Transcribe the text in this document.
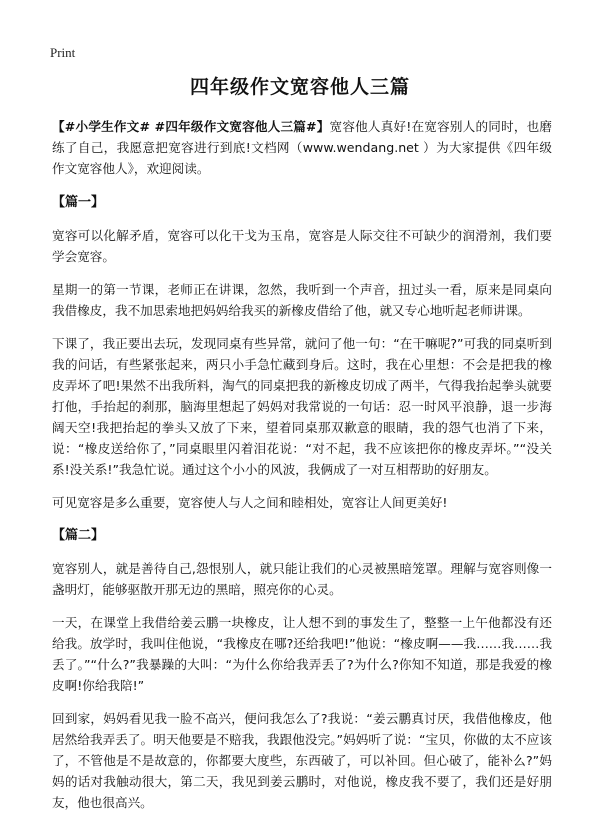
Print
四年级作文宽容他人三篇

【#小学生作文# #四年级作文宽容他人三篇#】宽容他人真好!在宽容别人的同时，也磨练了自己，我愿意把宽容进行到底!文档网（www.wendang.net ）为大家提供《四年级作文宽容他人》，欢迎阅读。

【篇一】

宽容可以化解矛盾，宽容可以化干戈为玉帛，宽容是人际交往不可缺少的润滑剂，我们要学会宽容。

星期一的第一节课，老师正在讲课，忽然，我听到一个声音，扭过头一看，原来是同桌向我借橡皮，我不加思索地把妈妈给我买的新橡皮借给了他，就又专心地听起老师讲课。

下课了，我正要出去玩，发现同桌有些异常，就问了他一句：“在干嘛呢?”可我的同桌听到我的问话，有些紧张起来，两只小手急忙藏到身后。这时，我在心里想：不会是把我的橡皮弄坏了吧!果然不出我所料，淘气的同桌把我的新橡皮切成了两半，气得我抬起拳头就要打他，手抬起的刹那，脑海里想起了妈妈对我常说的一句话：忍一时风平浪静，退一步海阔天空!我把抬起的拳头又放了下来，望着同桌那双歉意的眼睛，我的怨气也消了下来，说：“橡皮送给你了，”同桌眼里闪着泪花说：“对不起，我不应该把你的橡皮弄坏。”“没关系!没关系!”我急忙说。通过这个小小的风波，我俩成了一对互相帮助的好朋友。

可见宽容是多么重要，宽容使人与人之间和睦相处，宽容让人间更美好!

【篇二】

宽容别人，就是善待自己,怨恨别人，就只能让我们的心灵被黑暗笼罩。理解与宽容则像一盏明灯，能够驱散开那无边的黑暗，照亮你的心灵。

一天，在课堂上我借给姜云鹏一块橡皮，让人想不到的事发生了，整整一上午他都没有还给我。放学时，我叫住他说，“我橡皮在哪?还给我吧!”他说：“橡皮啊——我……我……我丢了。”“什么?”我暴躁的大叫：“为什么你给我弄丢了?为什么?你知不知道，那是我爱的橡皮啊!你给我陪!”

回到家，妈妈看见我一脸不高兴，便问我怎么了?我说：“姜云鹏真讨厌，我借他橡皮，他居然给我弄丢了。明天他要是不赔我，我跟他没完。”妈妈听了说：“宝贝，你做的太不应该了，不管他是不是故意的，你都要大度些，东西破了，可以补回。但心破了，能补么?”妈妈的话对我触动很大，第二天，我见到姜云鹏时，对他说，橡皮我不要了，我们还是好朋友，他也很高兴。
